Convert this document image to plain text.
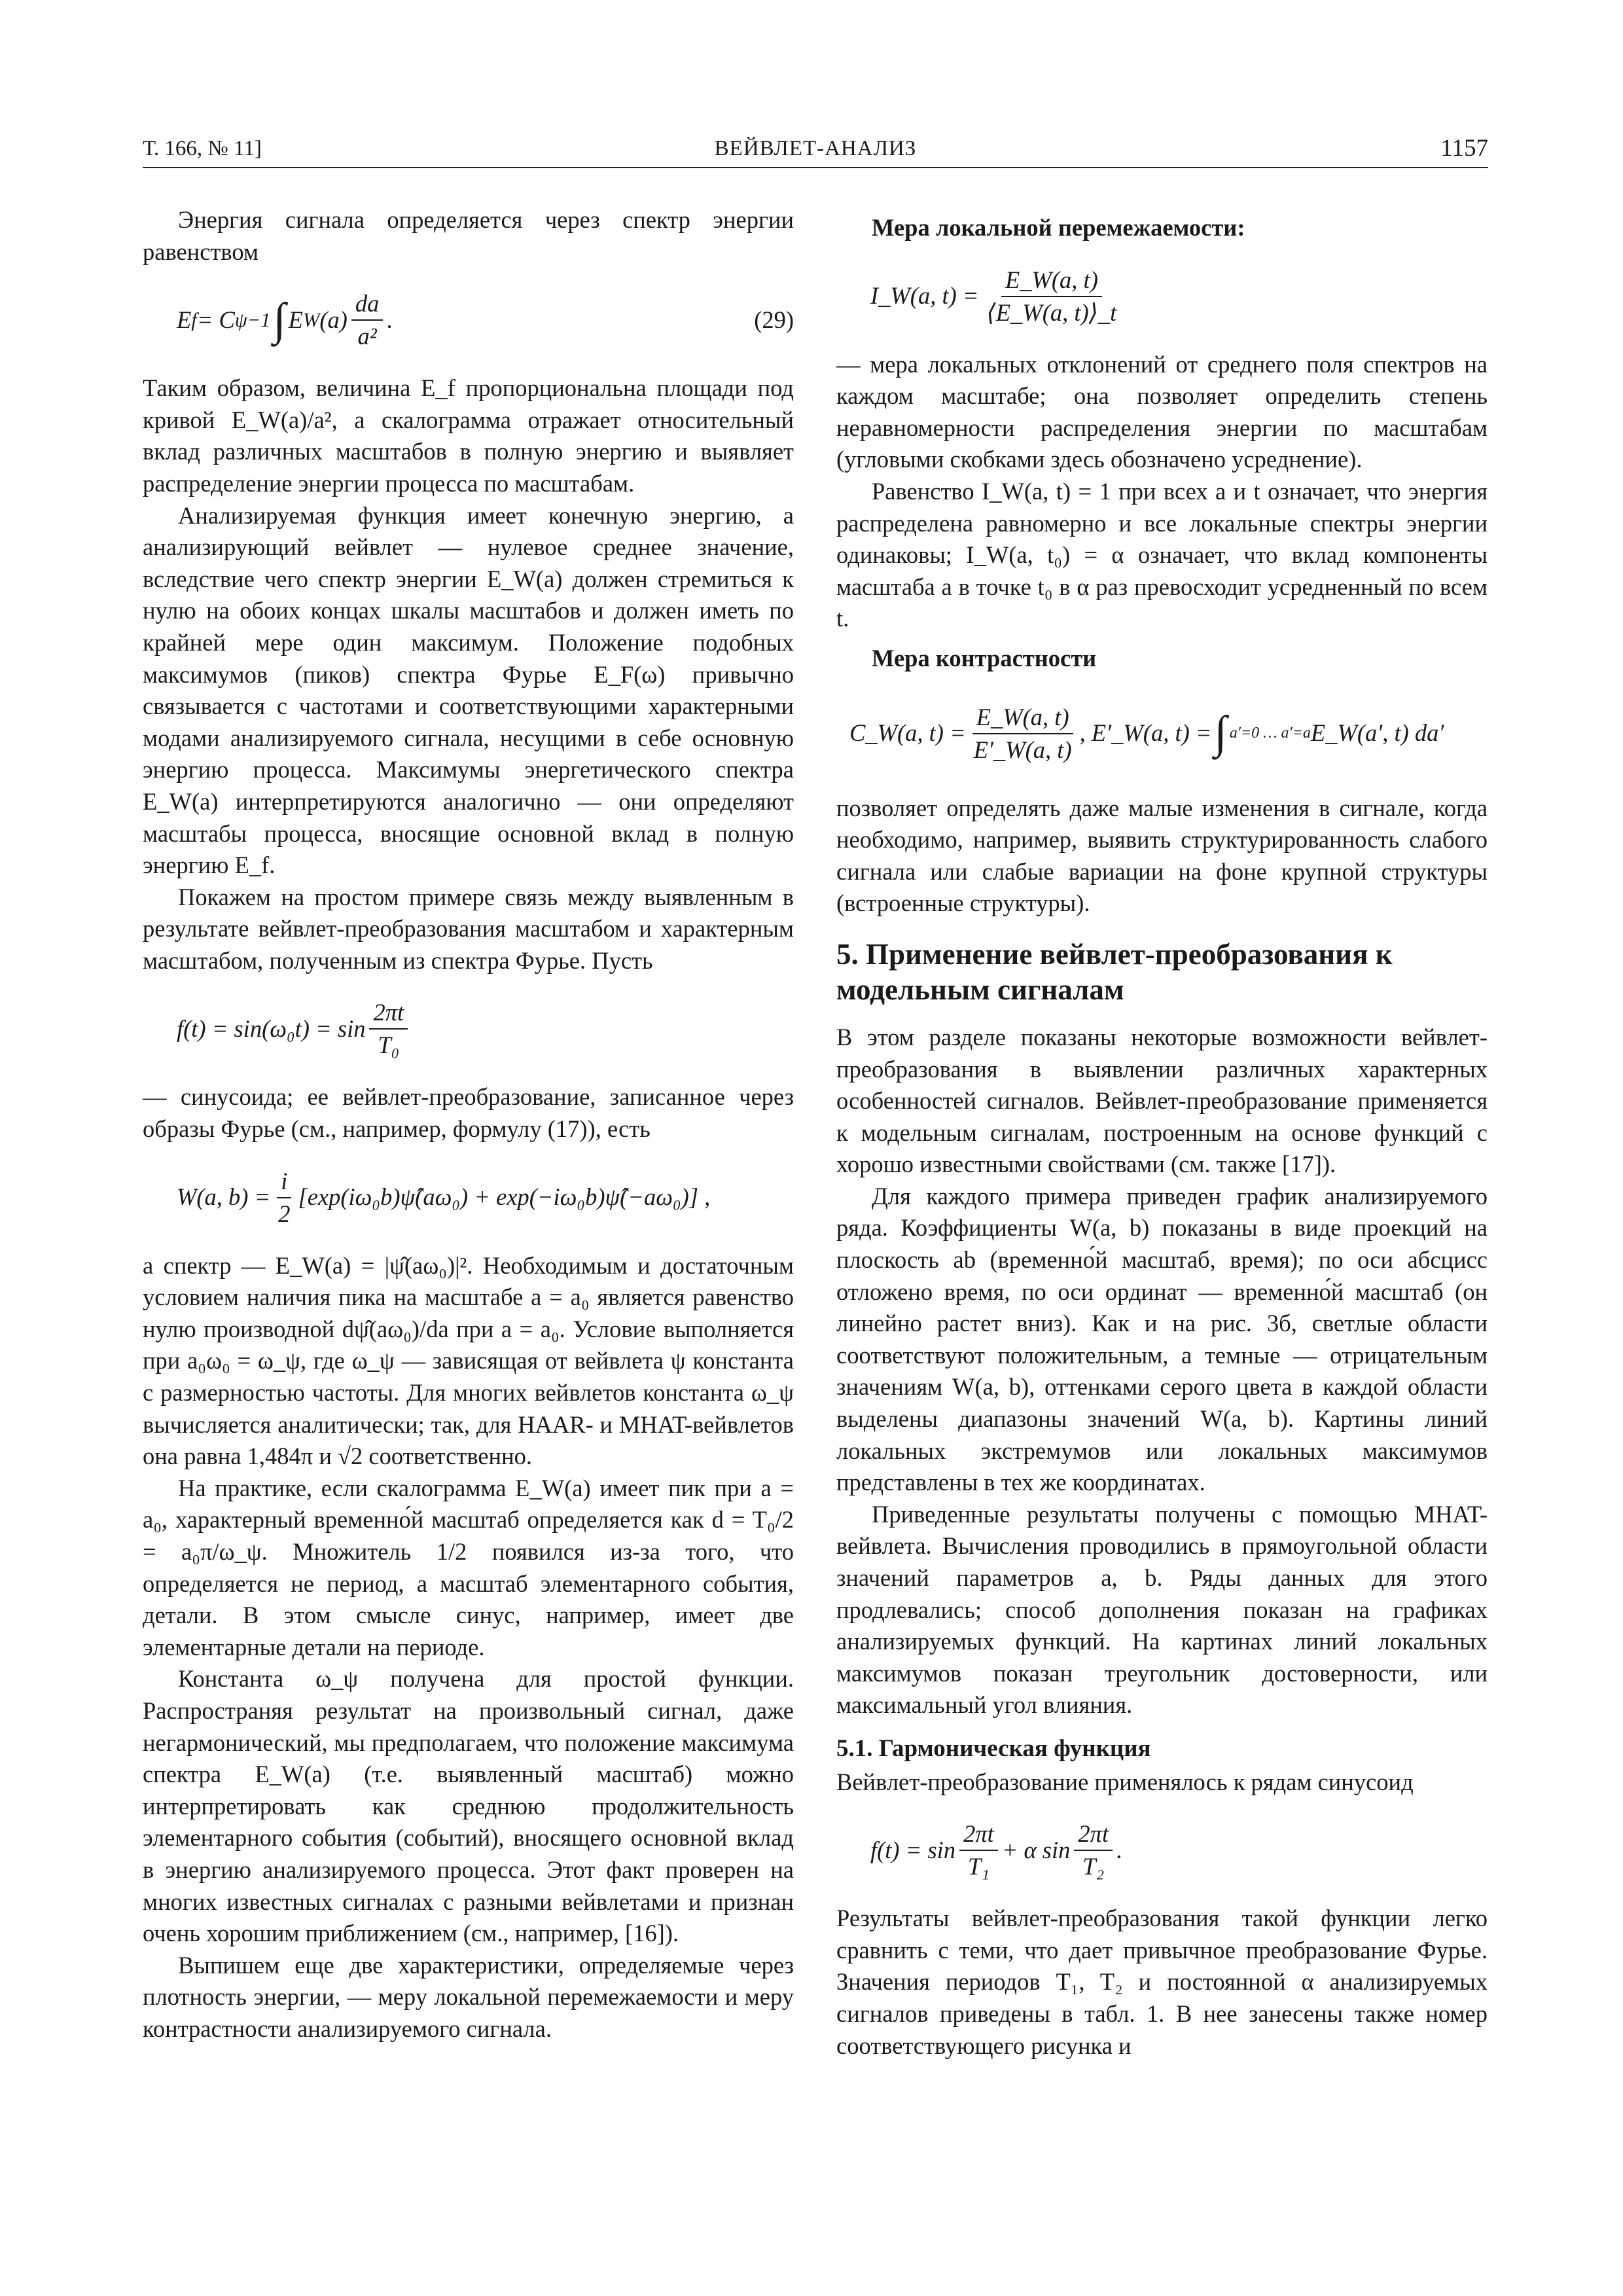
Т. 166, № 11]	ВЕЙВЛЕТ-АНАЛИЗ	1157

Энергия сигнала определяется через спектр энергии равенством

E f = C ψ −1 ∫ E W $(a) \frac{da}{\text{a²}}$ .	(29)

Таким образом, величина E_f пропорциональна площади под кривой E_W(a)/a², а скалограмма отражает относительный вклад различных масштабов в полную энергию и выявляет распределение энергии процесса по масштабам.

Анализируемая функция имеет конечную энергию, а анализирующий вейвлет — нулевое среднее значение, вследствие чего спектр энергии E_W(a) должен стремиться к нулю на обоих концах шкалы масштабов и должен иметь по крайней мере один максимум. Положение подобных максимумов (пиков) спектра Фурье E_F(ω) привычно связывается с частотами и соответствующими характерными модами анализируемого сигнала, несущими в себе основную энергию процесса. Максимумы энергетического спектра E_W(a) интерпретируются аналогично — они определяют масштабы процесса, вносящие основной вклад в полную энергию E_f.

Покажем на простом примере связь между выявленным в результате вейвлет-преобразования масштабом и характерным масштабом, полученным из спектра Фурье. Пусть

$f(t) = \sin(\omega_0t) = \sin \frac{2\pi t}{\text{T₀}}$

— синусоида; ее вейвлет-преобразование, записанное через образы Фурье (см., например, формулу (17)), есть

W(a, $b) = \frac{i}{2}$ [exp(iω₀b)ψ̂(aω₀) + exp(−iω₀b)ψ̂(−aω₀)] ,

а спектр — E_W(a) = |ψ̂(aω₀)|². Необходимым и достаточным условием наличия пика на масштабе a = a₀ является равенство нулю производной dψ̂(aω₀)/da при a = a₀. Условие выполняется при a₀ω₀ = ω_ψ, где ω_ψ — зависящая от вейвлета ψ константа с размерностью частоты. Для многих вейвлетов константа ω_ψ вычисляется аналитически; так, для HAAR- и MHAT-вейвлетов она равна 1,484π и √2 соответственно.

На практике, если скалограмма E_W(a) имеет пик при a = a₀, характерный временно́й масштаб определяется как d = T₀/2 = a₀π/ω_ψ. Множитель 1/2 появился из-за того, что определяется не период, а масштаб элементарного события, детали. В этом смысле синус, например, имеет две элементарные детали на периоде.

Константа ω_ψ получена для простой функции. Распространяя результат на произвольный сигнал, даже негармонический, мы предполагаем, что положение максимума спектра E_W(a) (т.е. выявленный масштаб) можно интерпретировать как среднюю продолжительность элементарного события (событий), вносящего основной вклад в энергию анализируемого процесса. Этот факт проверен на многих известных сигналах с разными вейвлетами и признан очень хорошим приближением (см., например, [16]).

Выпишем еще две характеристики, определяемые через плотность энергии, — меру локальной перемежаемости и меру контрастности анализируемого сигнала.

Мера локальной перемежаемости:

I_W(a, $t) = \frac{E\_W(a, t)}{⟨E\_W(a, t)⟩\_t}$

— мера локальных отклонений от среднего поля спектров на каждом масштабе; она позволяет определить степень неравномерности распределения энергии по масштабам (угловыми скобками здесь обозначено усреднение).

Равенство I_W(a, t) = 1 при всех a и t означает, что энергия распределена равномерно и все локальные спектры энергии одинаковы; I_W(a, t₀) = α означает, что вклад компоненты масштаба a в точке t₀ в α раз превосходит усредненный по всем t.

Мера контрастности

C_W(a, $t) = \frac{E\_W(a, t)}{E'\_W(a, t)}$ , E′_W(a, t) = ∫ a′=0 … a′=a E_W(a′, t) da′

позволяет определять даже малые изменения в сигнале, когда необходимо, например, выявить структурированность слабого сигнала или слабые вариации на фоне крупной структуры (встроенные структуры).

5. Применение вейвлет-преобразования к модельным сигналам

В этом разделе показаны некоторые возможности вейвлет-преобразования в выявлении различных характерных особенностей сигналов. Вейвлет-преобразование применяется к модельным сигналам, построенным на основе функций с хорошо известными свойствами (см. также [17]).

Для каждого примера приведен график анализируемого ряда. Коэффициенты W(a, b) показаны в виде проекций на плоскость ab (временно́й масштаб, время); по оси абсцисс отложено время, по оси ординат — временно́й масштаб (он линейно растет вниз). Как и на рис. 3б, светлые области соответствуют положительным, а темные — отрицательным значениям W(a, b), оттенками серого цвета в каждой области выделены диапазоны значений W(a, b). Картины линий локальных экстремумов или локальных максимумов представлены в тех же координатах.

Приведенные результаты получены с помощью MHAT-вейвлета. Вычисления проводились в прямоугольной области значений параметров a, b. Ряды данных для этого продлевались; способ дополнения показан на графиках анализируемых функций. На картинах линий локальных максимумов показан треугольник достоверности, или максимальный угол влияния.

5.1. Гармоническая функция

Вейвлет-преобразование применялось к рядам синусоид

$f(t) = \sin \frac{2\pi t}{\text{T₁}} + \alpha$ $\sin \frac{2\pi t}{\text{T₂}}$ .

Результаты вейвлет-преобразования такой функции легко сравнить с теми, что дает привычное преобразование Фурье. Значения периодов T₁, T₂ и постоянной α анализируемых сигналов приведены в табл. 1. В нее занесены также номер соответствующего рисунка и
